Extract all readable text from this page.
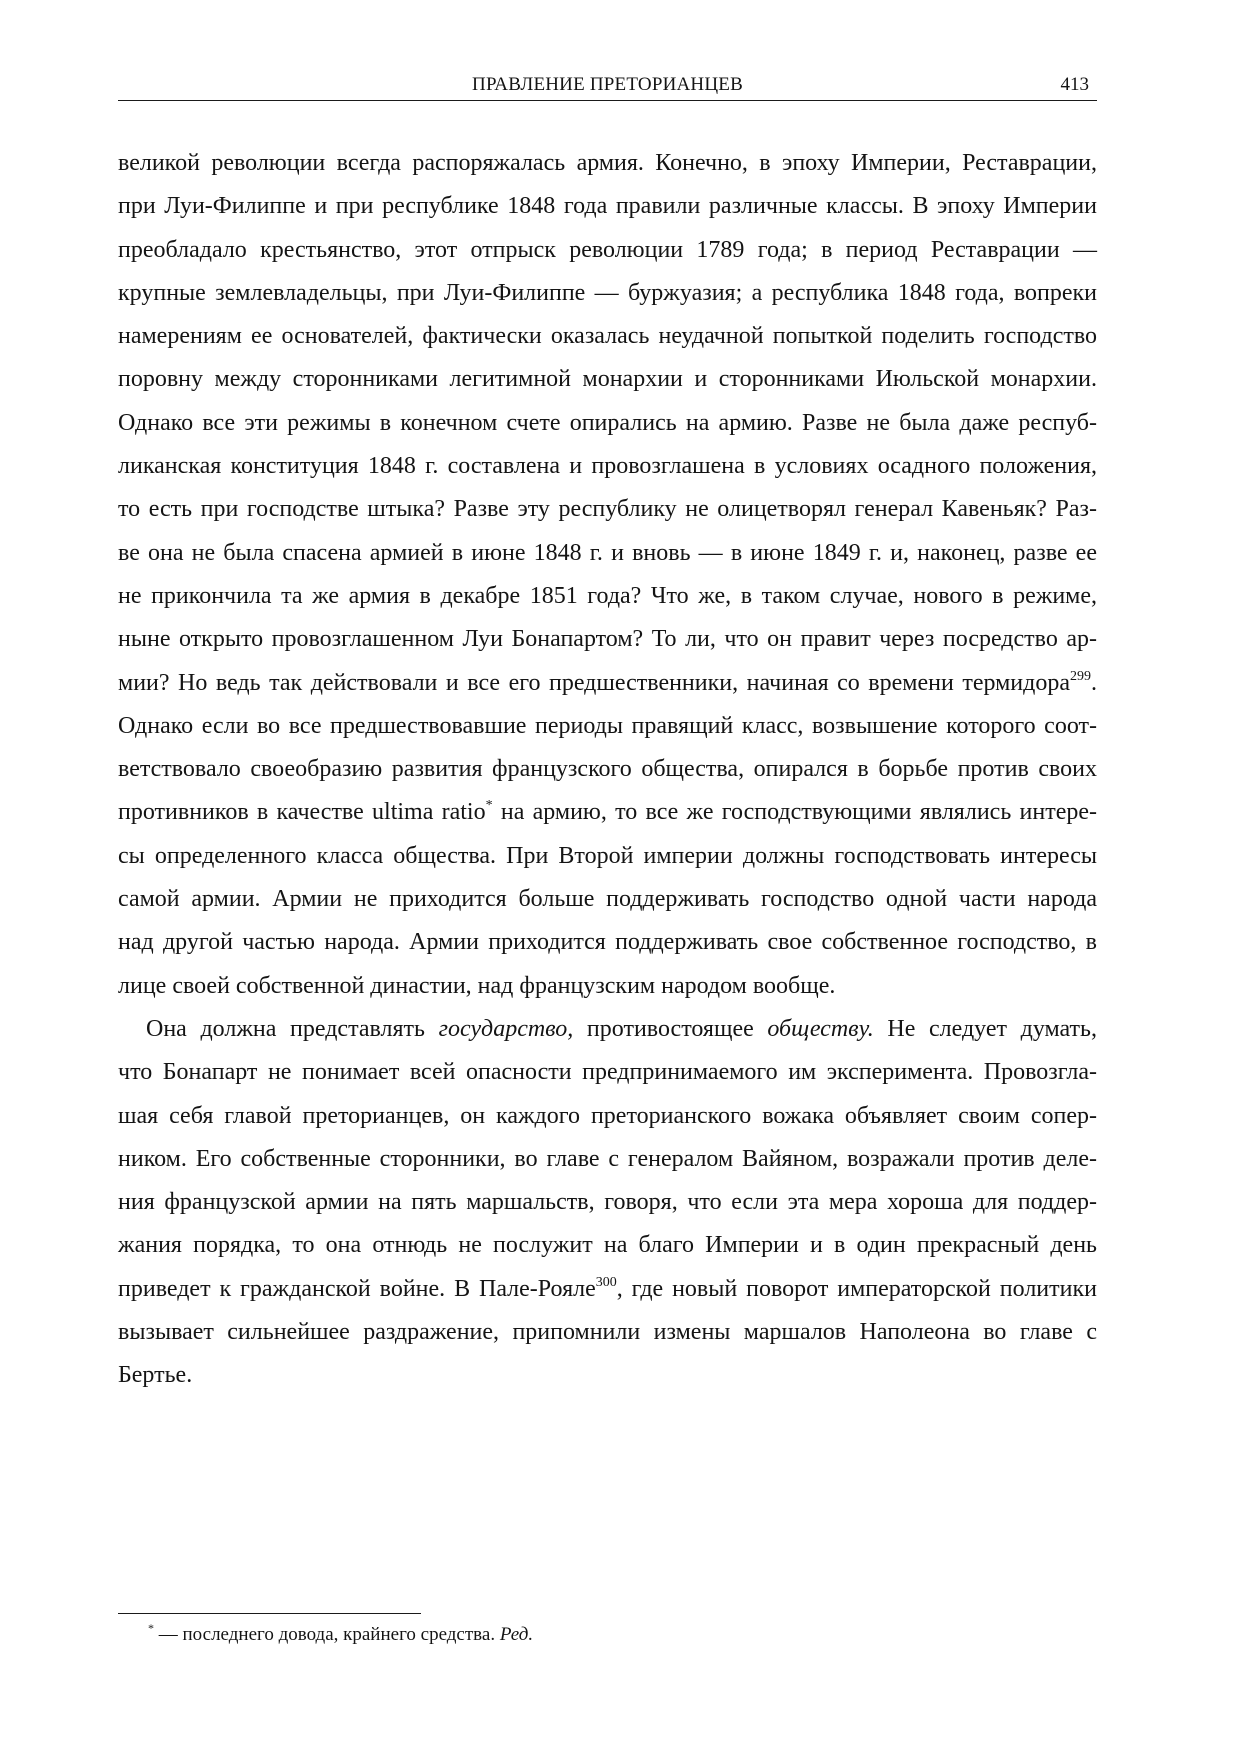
ПРАВЛЕНИЕ ПРЕТОРИАНЦЕВ	413
великой революции всегда распоряжалась армия. Конечно, в эпоху Империи, Реставрации,
при Луи-Филиппе и при республике 1848 года правили различные классы. В эпоху Империи
преобладало крестьянство, этот отпрыск революции 1789 года; в период Реставрации —
крупные землевладельцы, при Луи-Филиппе — буржуазия; а республика 1848 года, вопреки
намерениям ее основателей, фактически оказалась неудачной попыткой поделить господство
поровну между сторонниками легитимной монархии и сторонниками Июльской монархии.
Однако все эти режимы в конечном счете опирались на армию. Разве не была даже респуб-
ликанская конституция 1848 г. составлена и провозглашена в условиях осадного положения,
то есть при господстве штыка? Разве эту республику не олицетворял генерал Кавеньяк? Раз-
ве она не была спасена армией в июне 1848 г. и вновь — в июне 1849 г. и, наконец, разве ее
не прикончила та же армия в декабре 1851 года? Что же, в таком случае, нового в режиме,
ныне открыто провозглашенном Луи Бонапартом? То ли, что он правит через посредство ар-
мии? Но ведь так действовали и все его предшественники, начиная со времени термидора$^{299}$.
Однако если во все предшествовавшие периоды правящий класс, возвышение которого соот-
ветствовало своеобразию развития французского общества, опирался в борьбе против своих
противников в качестве ultima ratio* на армию, то все же господствующими являлись интере-
сы определенного класса общества. При Второй империи должны господствовать интересы
самой армии. Армии не приходится больше поддерживать господство одной части народа
над другой частью народа. Армии приходится поддерживать свое собственное господство, в
лице своей собственной династии, над французским народом вообще.
Она должна представлять государство, противостоящее обществу. Не следует думать,
что Бонапарт не понимает всей опасности предпринимаемого им эксперимента. Провозгла-
шая себя главой преторианцев, он каждого преторианского вожака объявляет своим сопер-
ником. Его собственные сторонники, во главе с генералом Вайяном, возражали против деле-
ния французской армии на пять маршальств, говоря, что если эта мера хороша для поддер-
жания порядка, то она отнюдь не послужит на благо Империи и в один прекрасный день
приведет к гражданской войне. В Пале-Рояле$^{300}$, где новый поворот императорской политики
вызывает сильнейшее раздражение, припомнили измены маршалов Наполеона во главе с
Бертье.
* — последнего довода, крайнего средства. Ред.
